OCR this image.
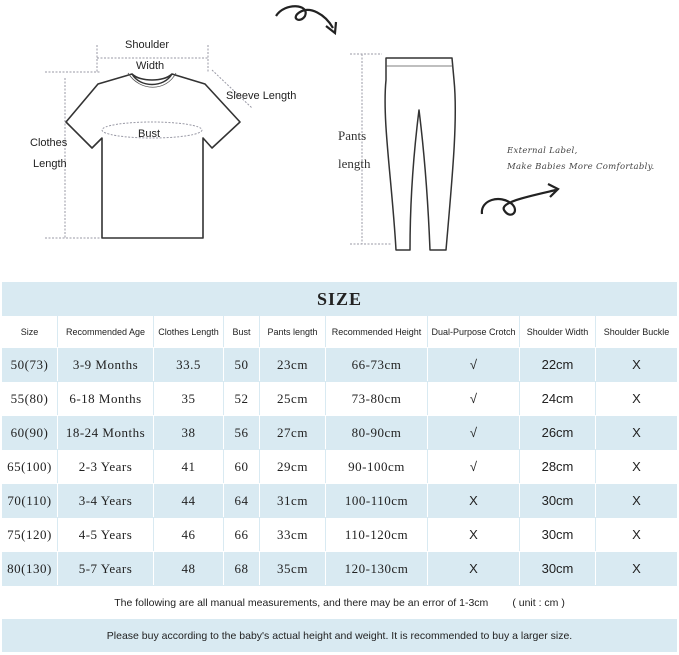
Shoulder
Width
Sleeve Length
Bust
Clothes
Length
Pants
length
External Label,
Make Babies More Comfortably.
SIZE								
Size	Recommended Age	Clothes Length	Bust	Pants length	Recommended Height	Dual-Purpose Crotch	Shoulder Width	Shoulder Buckle
50(73)	3-9 Months	33.5	50	23cm	66-73cm	√	22cm	X
55(80)	6-18 Months	35	52	25cm	73-80cm	√	24cm	X
60(90)	18-24 Months	38	56	27cm	80-90cm	√	26cm	X
65(100)	2-3 Years	41	60	29cm	90-100cm	√	28cm	X
70(110)	3-4 Years	44	64	31cm	100-110cm	X	30cm	X
75(120)	4-5 Years	46	66	33cm	110-120cm	X	30cm	X
80(130)	5-7 Years	48	68	35cm	120-130cm	X	30cm	X
The following are all manual measurements, and there may be an error of 1-3cm ( unit : cm )								
Please buy according to the baby's actual height and weight. It is recommended to buy a larger size.								
